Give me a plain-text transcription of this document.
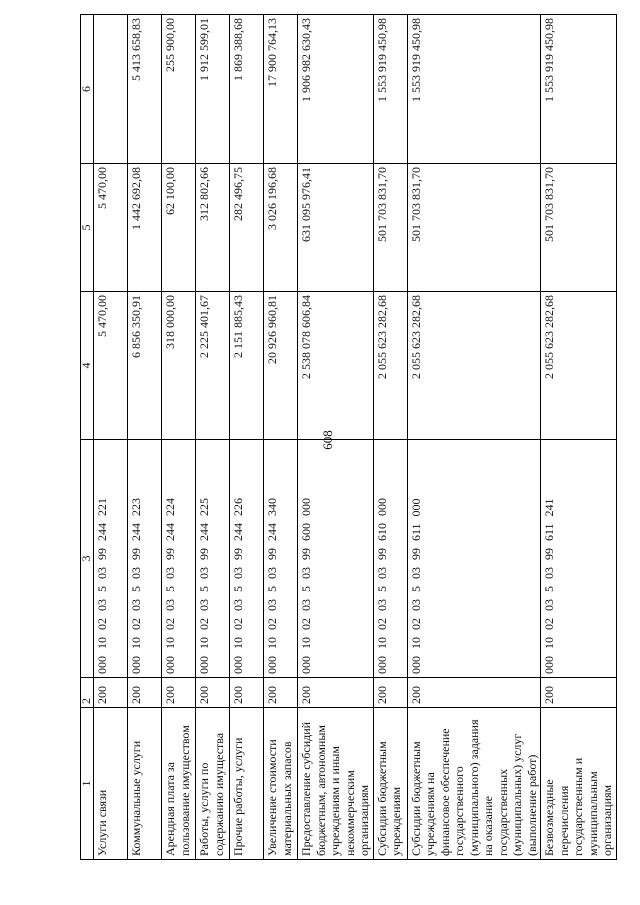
608
1	2	3	4	5	6
Услуги связи	200	000 10 02 03 5 03 99 244 221	5 470,00	5 470,00	
Коммунальные услуги	200	000 10 02 03 5 03 99 244 223	6 856 350,91	1 442 692,08	5 413 658,83
Арендная плата за пользование имуществом	200	000 10 02 03 5 03 99 244 224	318 000,00	62 100,00	255 900,00
Работы, услуги по содержанию имущества	200	000 10 02 03 5 03 99 244 225	2 225 401,67	312 802,66	1 912 599,01
Прочие работы, услуги	200	000 10 02 03 5 03 99 244 226	2 151 885,43	282 496,75	1 869 388,68
Увеличение стоимости материальных запасов	200	000 10 02 03 5 03 99 244 340	20 926 960,81	3 026 196,68	17 900 764,13
Предоставление субсидий бюджетным, автономным учреждениям и иным некоммерческим организациям	200	000 10 02 03 5 03 99 600 000	2 538 078 606,84	631 095 976,41	1 906 982 630,43
Субсидии бюджетным учреждениям	200	000 10 02 03 5 03 99 610 000	2 055 623 282,68	501 703 831,70	1 553 919 450,98
Субсидии бюджетным учреждениям на финансовое обеспечение государственного (муниципального) задания на оказание государственных (муниципальных) услуг (выполнение работ)	200	000 10 02 03 5 03 99 611 000	2 055 623 282,68	501 703 831,70	1 553 919 450,98
Безвозмездные перечисления государственным и муниципальным организациям	200	000 10 02 03 5 03 99 611 241	2 055 623 282,68	501 703 831,70	1 553 919 450,98
